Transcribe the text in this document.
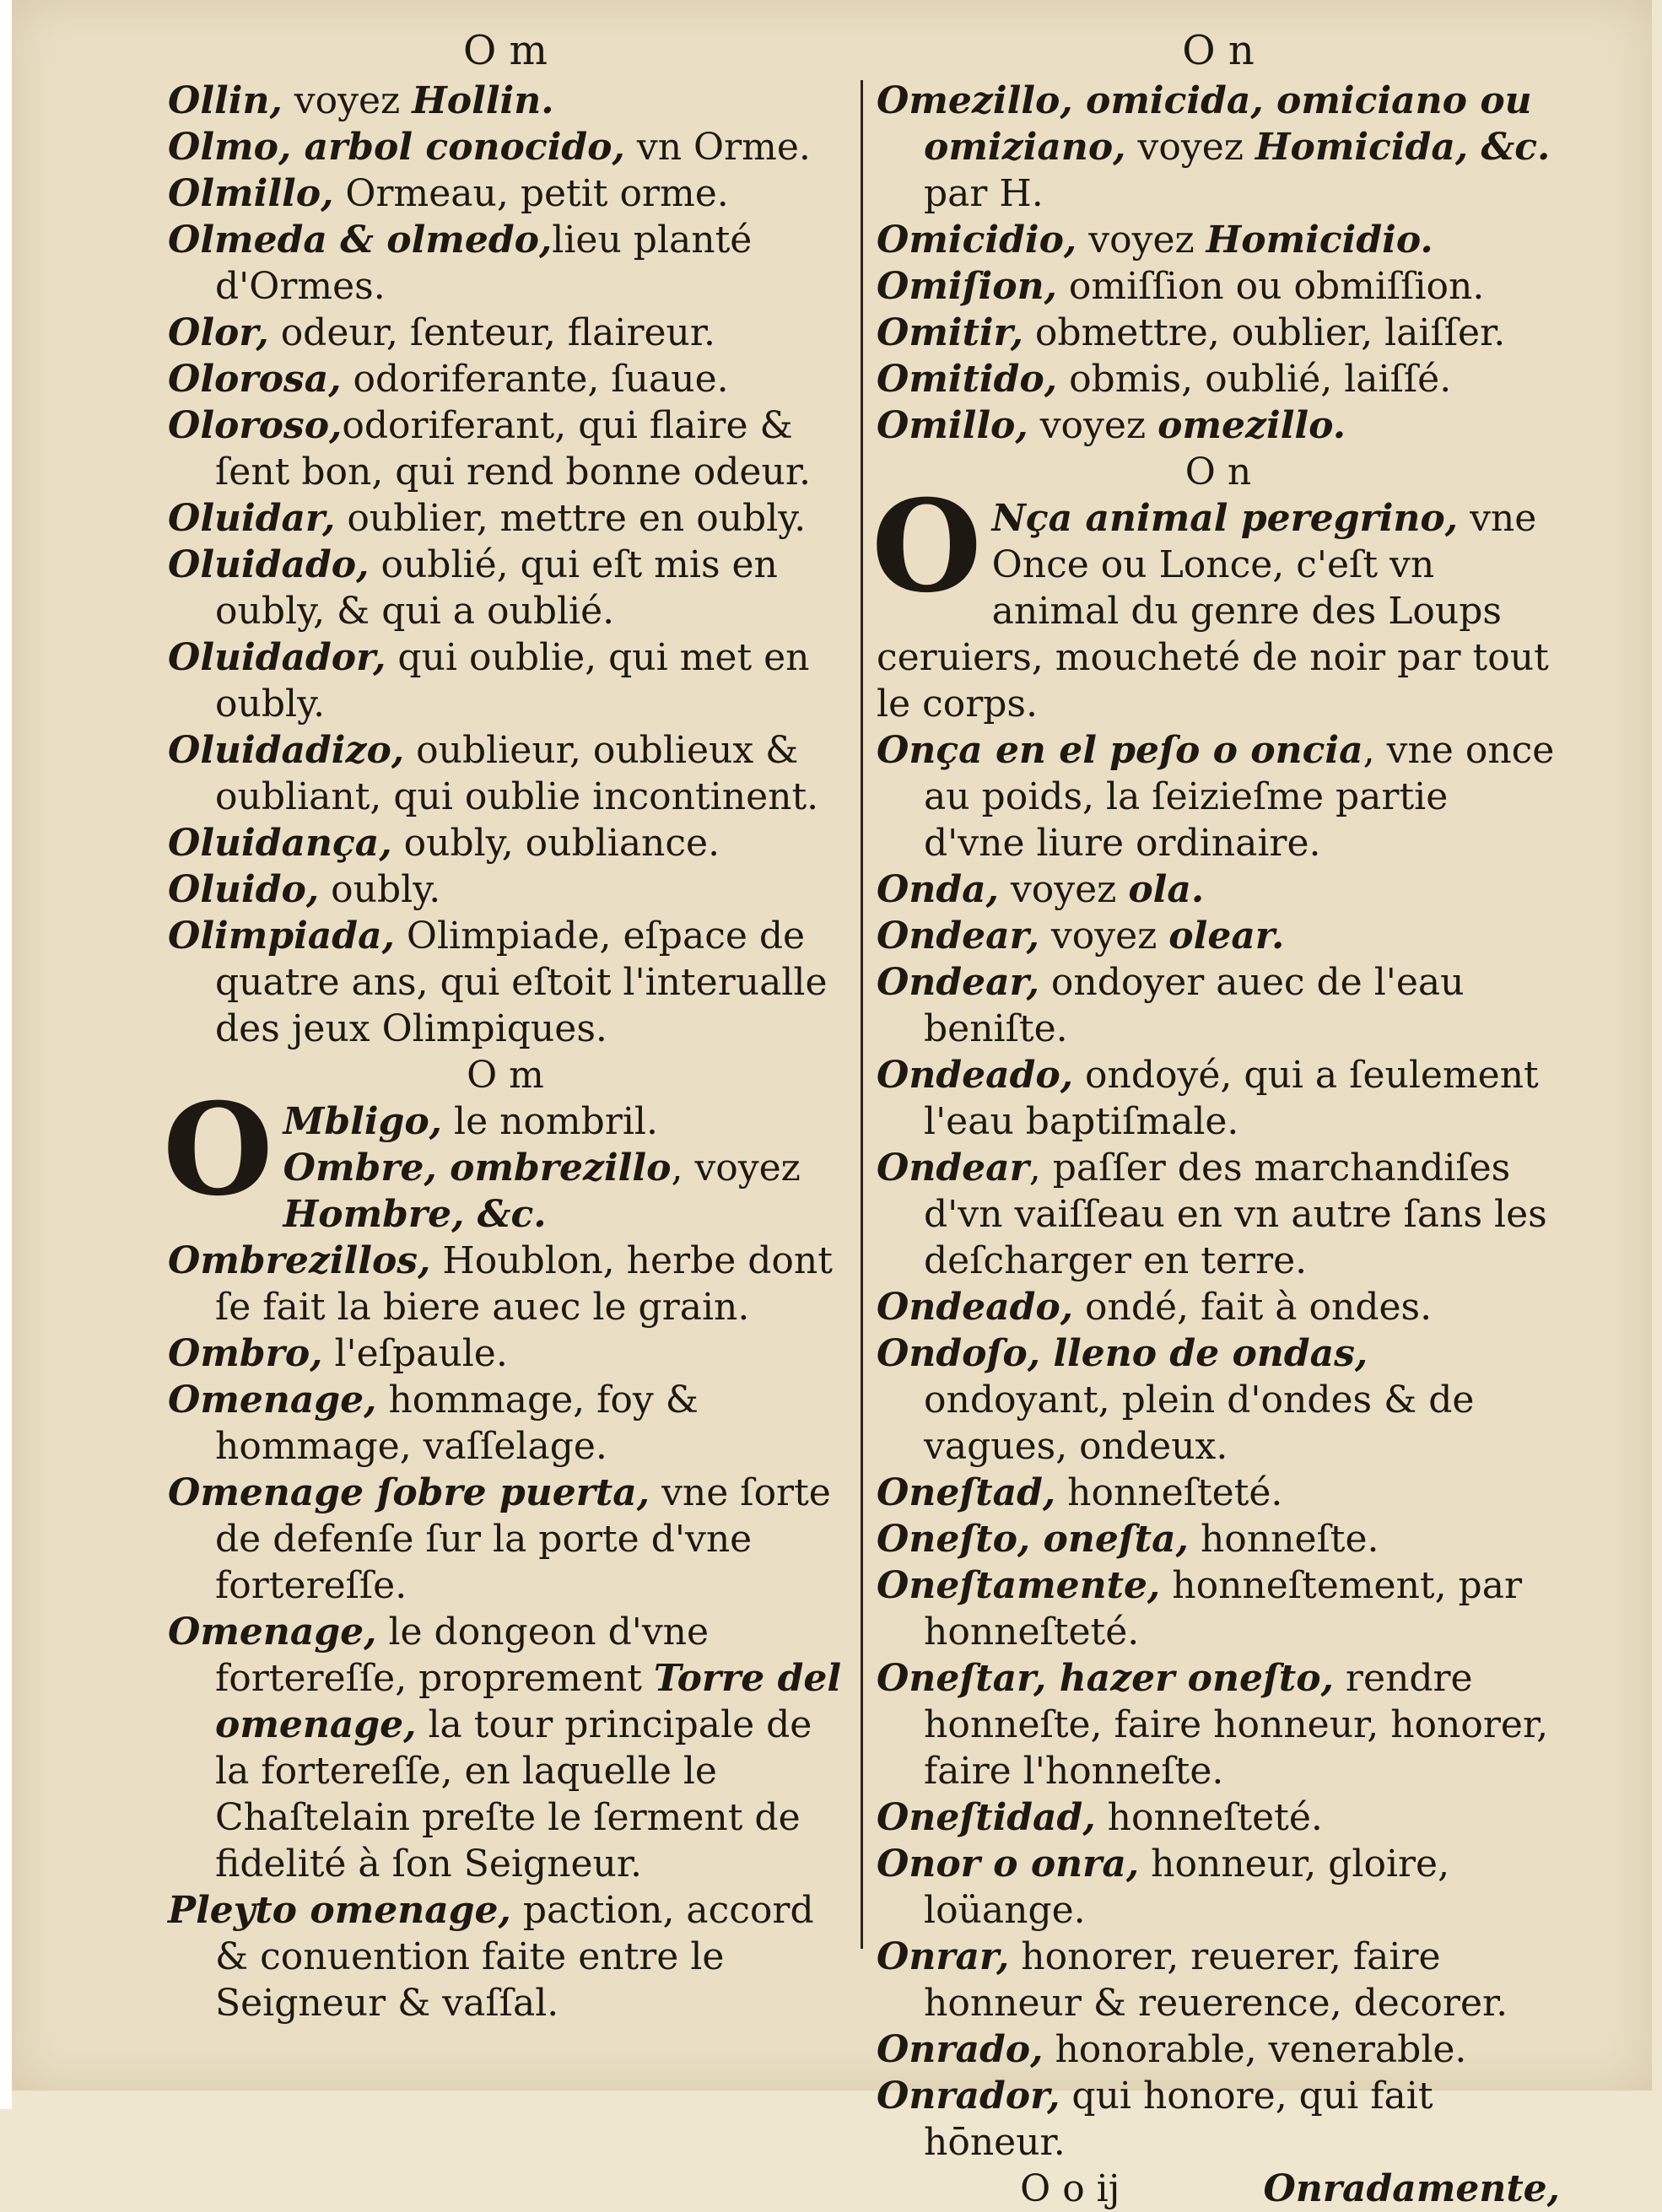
O m

Ollin, voyez Hollin.

Olmo, arbol conocido, vn Orme.

Olmillo, Ormeau, petit orme.

Olmeda & olmedo,lieu planté d'Ormes.

Olor, odeur, ſenteur, flaireur.

Olorosa, odoriferante, ſuaue.

Oloroso,odoriferant, qui flaire & ſent bon, qui rend bonne odeur.

Oluidar, oublier, mettre en oubly.

Oluidado, oublié, qui eſt mis en oubly, & qui a oublié.

Oluidador, qui oublie, qui met en oubly.

Oluidadizo, oublieur, oublieux & oubliant, qui oublie incontinent.

Oluidança, oubly, oubliance.

Oluido, oubly.

Olimpiada, Olimpiade, eſpace de quatre ans, qui eſtoit l'interualle des jeux Olimpiques.

O m
O Mbligo, le nombril.
Ombre, ombrezillo, voyez Hombre, &c.

Ombrezillos, Houblon, herbe dont ſe fait la biere auec le grain.

Ombro, l'eſpaule.

Omenage, hommage, foy & hommage, vaſſelage.

Omenage ſobre puerta, vne ſorte de defenſe ſur la porte d'vne fortereſſe.

Omenage, le dongeon d'vne fortereſſe, proprement Torre del omenage, la tour principale de la fortereſſe, en laquelle le Chaſtelain preſte le ſerment de fidelité à ſon Seigneur.

Pleyto omenage, paction, accord & conuention faite entre le Seigneur & vaſſal.

O n

Omezillo, omicida, omiciano ou omiziano, voyez Homicida, &c. par H.

Omicidio, voyez Homicidio.

Omiſion, omiſſion ou obmiſſion.

Omitir, obmettre, oublier, laiſſer.

Omitido, obmis, oublié, laiſſé.

Omillo, voyez omezillo.

O n
O Nça animal peregrino, vne Once ou Lonce, c'eſt vn animal du genre des Loups ceruiers, moucheté de noir par tout le corps.

Onça en el peſo o oncia, vne once au poids, la ſeizieſme partie d'vne liure ordinaire.

Onda, voyez ola.

Ondear, voyez olear.

Ondear, ondoyer auec de l'eau beniſte.

Ondeado, ondoyé, qui a ſeulement l'eau baptiſmale.

Ondear, paſſer des marchandiſes d'vn vaiſſeau en vn autre ſans les deſcharger en terre.

Ondeado, ondé, fait à ondes.

Ondoſo, lleno de ondas, ondoyant, plein d'ondes & de vagues, ondeux.

Oneſtad, honneſteté.

Oneſto, oneſta, honneſte.

Oneſtamente, honneſtement, par honneſteté.

Oneſtar, hazer oneſto, rendre honneſte, faire honneur, honorer, faire l'honneſte.

Oneſtidad, honneſteté.

Onor o onra, honneur, gloire, loüange.

Onrar, honorer, reuerer, faire honneur & reuerence, decorer.

Onrado, honorable, venerable.

Onrador, qui honore, qui fait hōneur.

O o ij	Onradamente,
